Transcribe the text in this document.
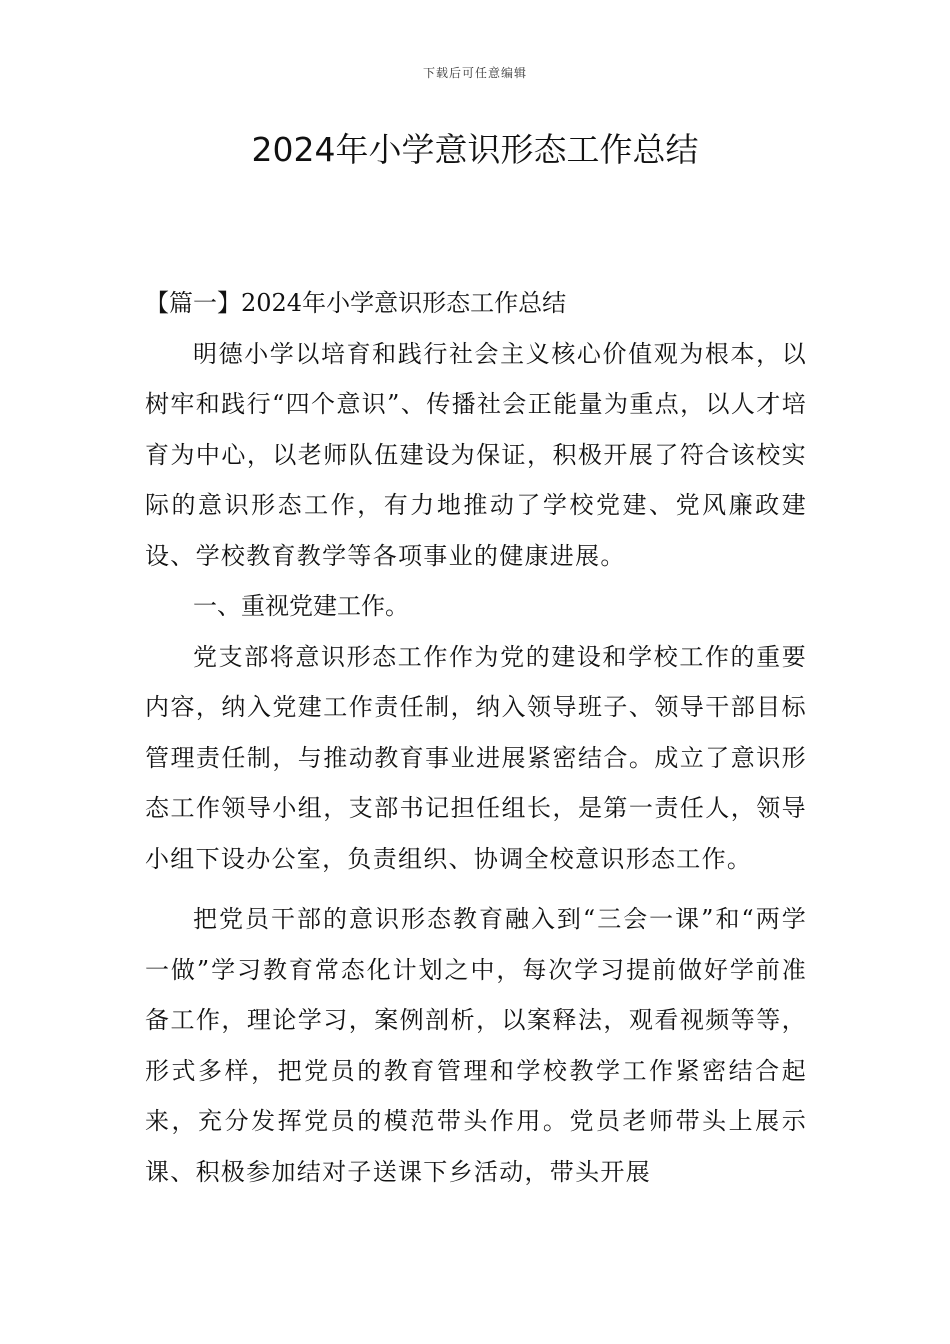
下载后可任意编辑
2024年小学意识形态工作总结

【篇一】2024年小学意识形态工作总结

明德小学以培育和践行社会主义核心价值观为根本，以树牢和践行“四个意识”、传播社会正能量为重点，以人才培育为中心，以老师队伍建设为保证，积极开展了符合该校实际的意识形态工作，有力地推动了学校党建、党风廉政建设、学校教育教学等各项事业的健康进展。

一、重视党建工作。

党支部将意识形态工作作为党的建设和学校工作的重要内容，纳入党建工作责任制，纳入领导班子、领导干部目标管理责任制，与推动教育事业进展紧密结合。成立了意识形态工作领导小组，支部书记担任组长，是第一责任人，领导小组下设办公室，负责组织、协调全校意识形态工作。

把党员干部的意识形态教育融入到“三会一课”和“两学一做”学习教育常态化计划之中，每次学习提前做好学前准备工作，理论学习，案例剖析，以案释法，观看视频等等，形式多样，把党员的教育管理和学校教学工作紧密结合起来，充分发挥党员的模范带头作用。党员老师带头上展示课、积极参加结对子送课下乡活动，带头开展
